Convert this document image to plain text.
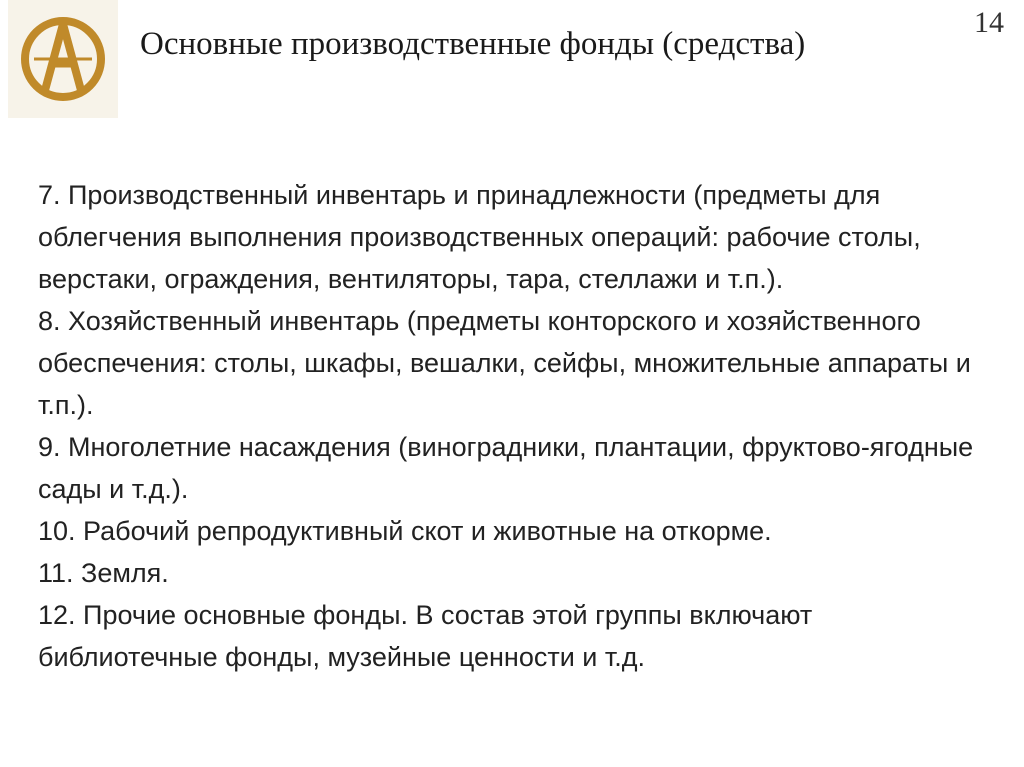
Основные производственные фонды (средства)
14

7. Производственный инвентарь и принадлежности (предметы для облегчения выполнения производственных операций: рабочие столы, верстаки, ограждения, вентиляторы, тара, стеллажи и т.п.).

8. Хозяйственный инвентарь (предметы конторского и хозяйственного обеспечения: столы, шкафы, вешалки, сейфы, множительные аппараты и т.п.).

9. Многолетние насаждения (виноградники, плантации, фруктово-ягодные сады и т.д.).

10. Рабочий репродуктивный скот и животные на откорме.

11. Земля.

12. Прочие основные фонды. В состав этой группы включают библиотечные фонды, музейные ценности и т.д.
